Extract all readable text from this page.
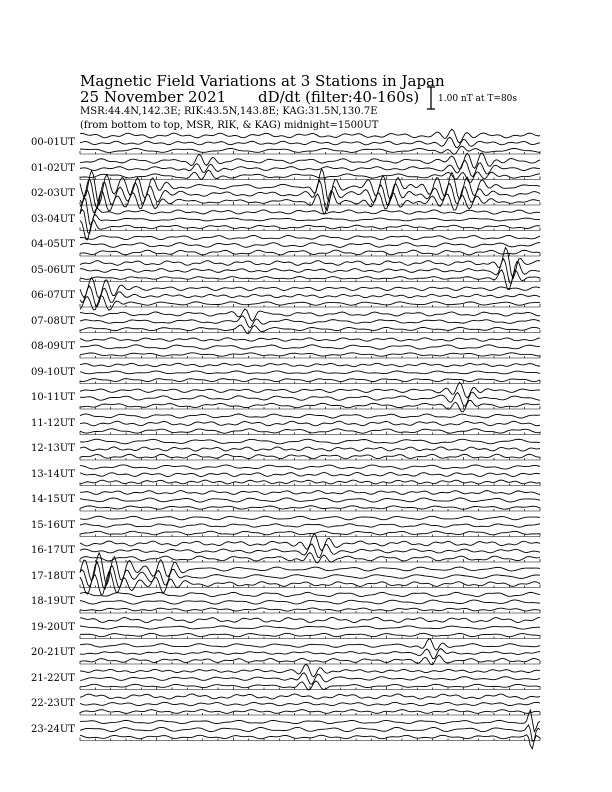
Magnetic Field Variations at 3 Stations in Japan
25 November 2021 dD/dt (filter:40-160s)
MSR:44.4N,142.3E; RIK:43.5N,143.8E; KAG:31.5N,130.7E
(from bottom to top, MSR, RIK, & KAG) midnight=1500UT
1.00 nT at T=80s
00-01UT
01-02UT
02-03UT
03-04UT
04-05UT
05-06UT
06-07UT
07-08UT
08-09UT
09-10UT
10-11UT
11-12UT
12-13UT
13-14UT
14-15UT
15-16UT
16-17UT
17-18UT
18-19UT
19-20UT
20-21UT
21-22UT
22-23UT
23-24UT
